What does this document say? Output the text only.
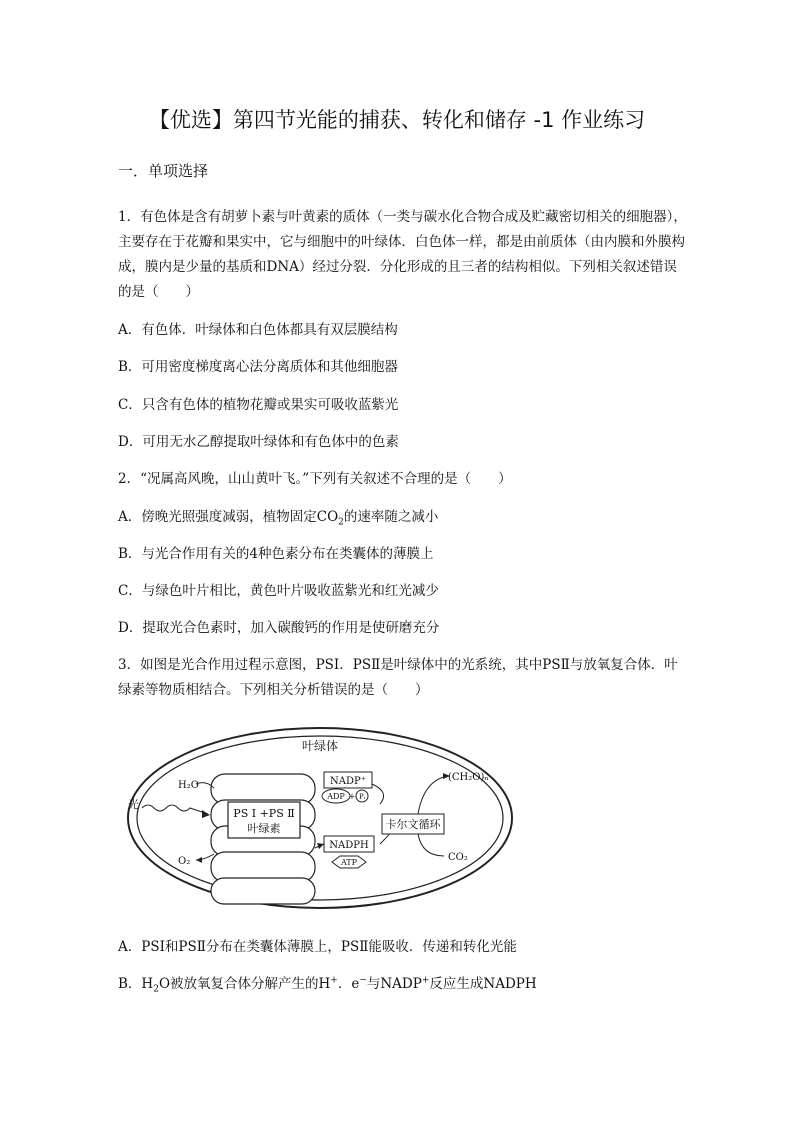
【优选】第四节光能的捕获、转化和储存 -1 作业练习
一．单项选择
1．有色体是含有胡萝卜素与叶黄素的质体（一类与碳水化合物合成及贮藏密切相关的细胞器），主要存在于花瓣和果实中，它与细胞中的叶绿体．白色体一样，都是由前质体（由内膜和外膜构成，膜内是少量的基质和DNA）经过分裂．分化形成的且三者的结构相似。下列相关叙述错误的是（　　）
A．有色体．叶绿体和白色体都具有双层膜结构
B．可用密度梯度离心法分离质体和其他细胞器
C．只含有色体的植物花瓣或果实可吸收蓝紫光
D．可用无水乙醇提取叶绿体和有色体中的色素
2．“况属高风晚，山山黄叶飞。”下列有关叙述不合理的是（　　）
A．傍晚光照强度减弱，植物固定$CO_2$的速率随之减小
B．与光合作用有关的4种色素分布在类囊体的薄膜上
C．与绿色叶片相比，黄色叶片吸收蓝紫光和红光减少
D．提取光合色素时，加入碳酸钙的作用是使研磨充分
3．如图是光合作用过程示意图，PSI．PSⅡ是叶绿体中的光系统，其中PSⅡ与放氧复合体．叶绿素等物质相结合。下列相关分析错误的是（　　）
叶绿体
PS Ⅰ +PS Ⅱ
叶绿素
H₂O
O₂
光
NADP⁺
ADP + Pᵢ
NADPH
ATP
卡尔文循环
(CH₂O)ₙ
CO₂
A．PSI和PSⅡ分布在类囊体薄膜上，PSⅡ能吸收．传递和转化光能
B．$H_2O$被放氧复合体分解产生的H+．e−与NADP+反应生成NADPH
